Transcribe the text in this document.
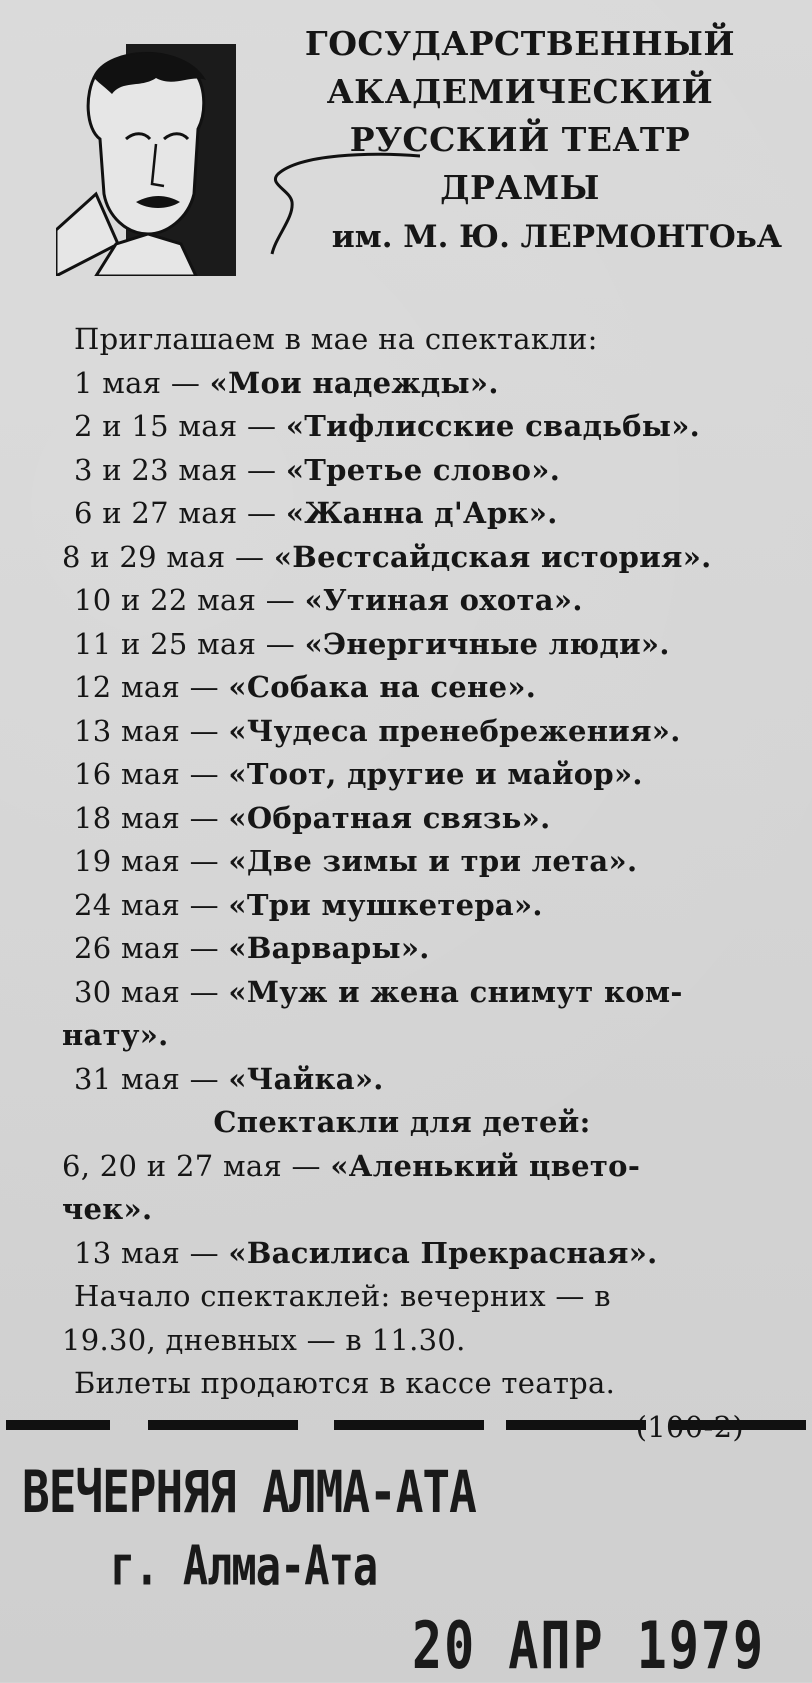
ГОСУДАРСТВЕННЫЙ
АКАДЕМИЧЕСКИЙ
РУССКИЙ ТЕАТР
ДРАМЫ
им. М. Ю. ЛЕРМОНТОьА
Приглашаем в мае на спектакли:
1 мая — «Мои надежды».
2 и 15 мая — «Тифлисские свадьбы».
3 и 23 мая — «Третье слово».
6 и 27 мая — «Жанна д'Арк».
8 и 29 мая — «Вестсайдская история».
10 и 22 мая — «Утиная охота».
11 и 25 мая — «Энергичные люди».
12 мая — «Собака на сене».
13 мая — «Чудеса пренебрежения».
16 мая — «Тоот, другие и майор».
18 мая — «Обратная связь».
19 мая — «Две зимы и три лета».
24 мая — «Три мушкетера».
26 мая — «Варвары».
30 мая — «Муж и жена снимут ком-
нату».
31 мая — «Чайка».
Спектакли для детей:
6, 20 и 27 мая — «Аленький цвето-
чек».
13 мая — «Василиса Прекрасная».
Начало спектаклей: вечерних — в
19.30, дневных — в 11.30.
Билеты продаются в кассе театра.
ВЕЧЕРНЯЯ АЛМА-АТА
г. Алма-Ата
20 АПР 1979
